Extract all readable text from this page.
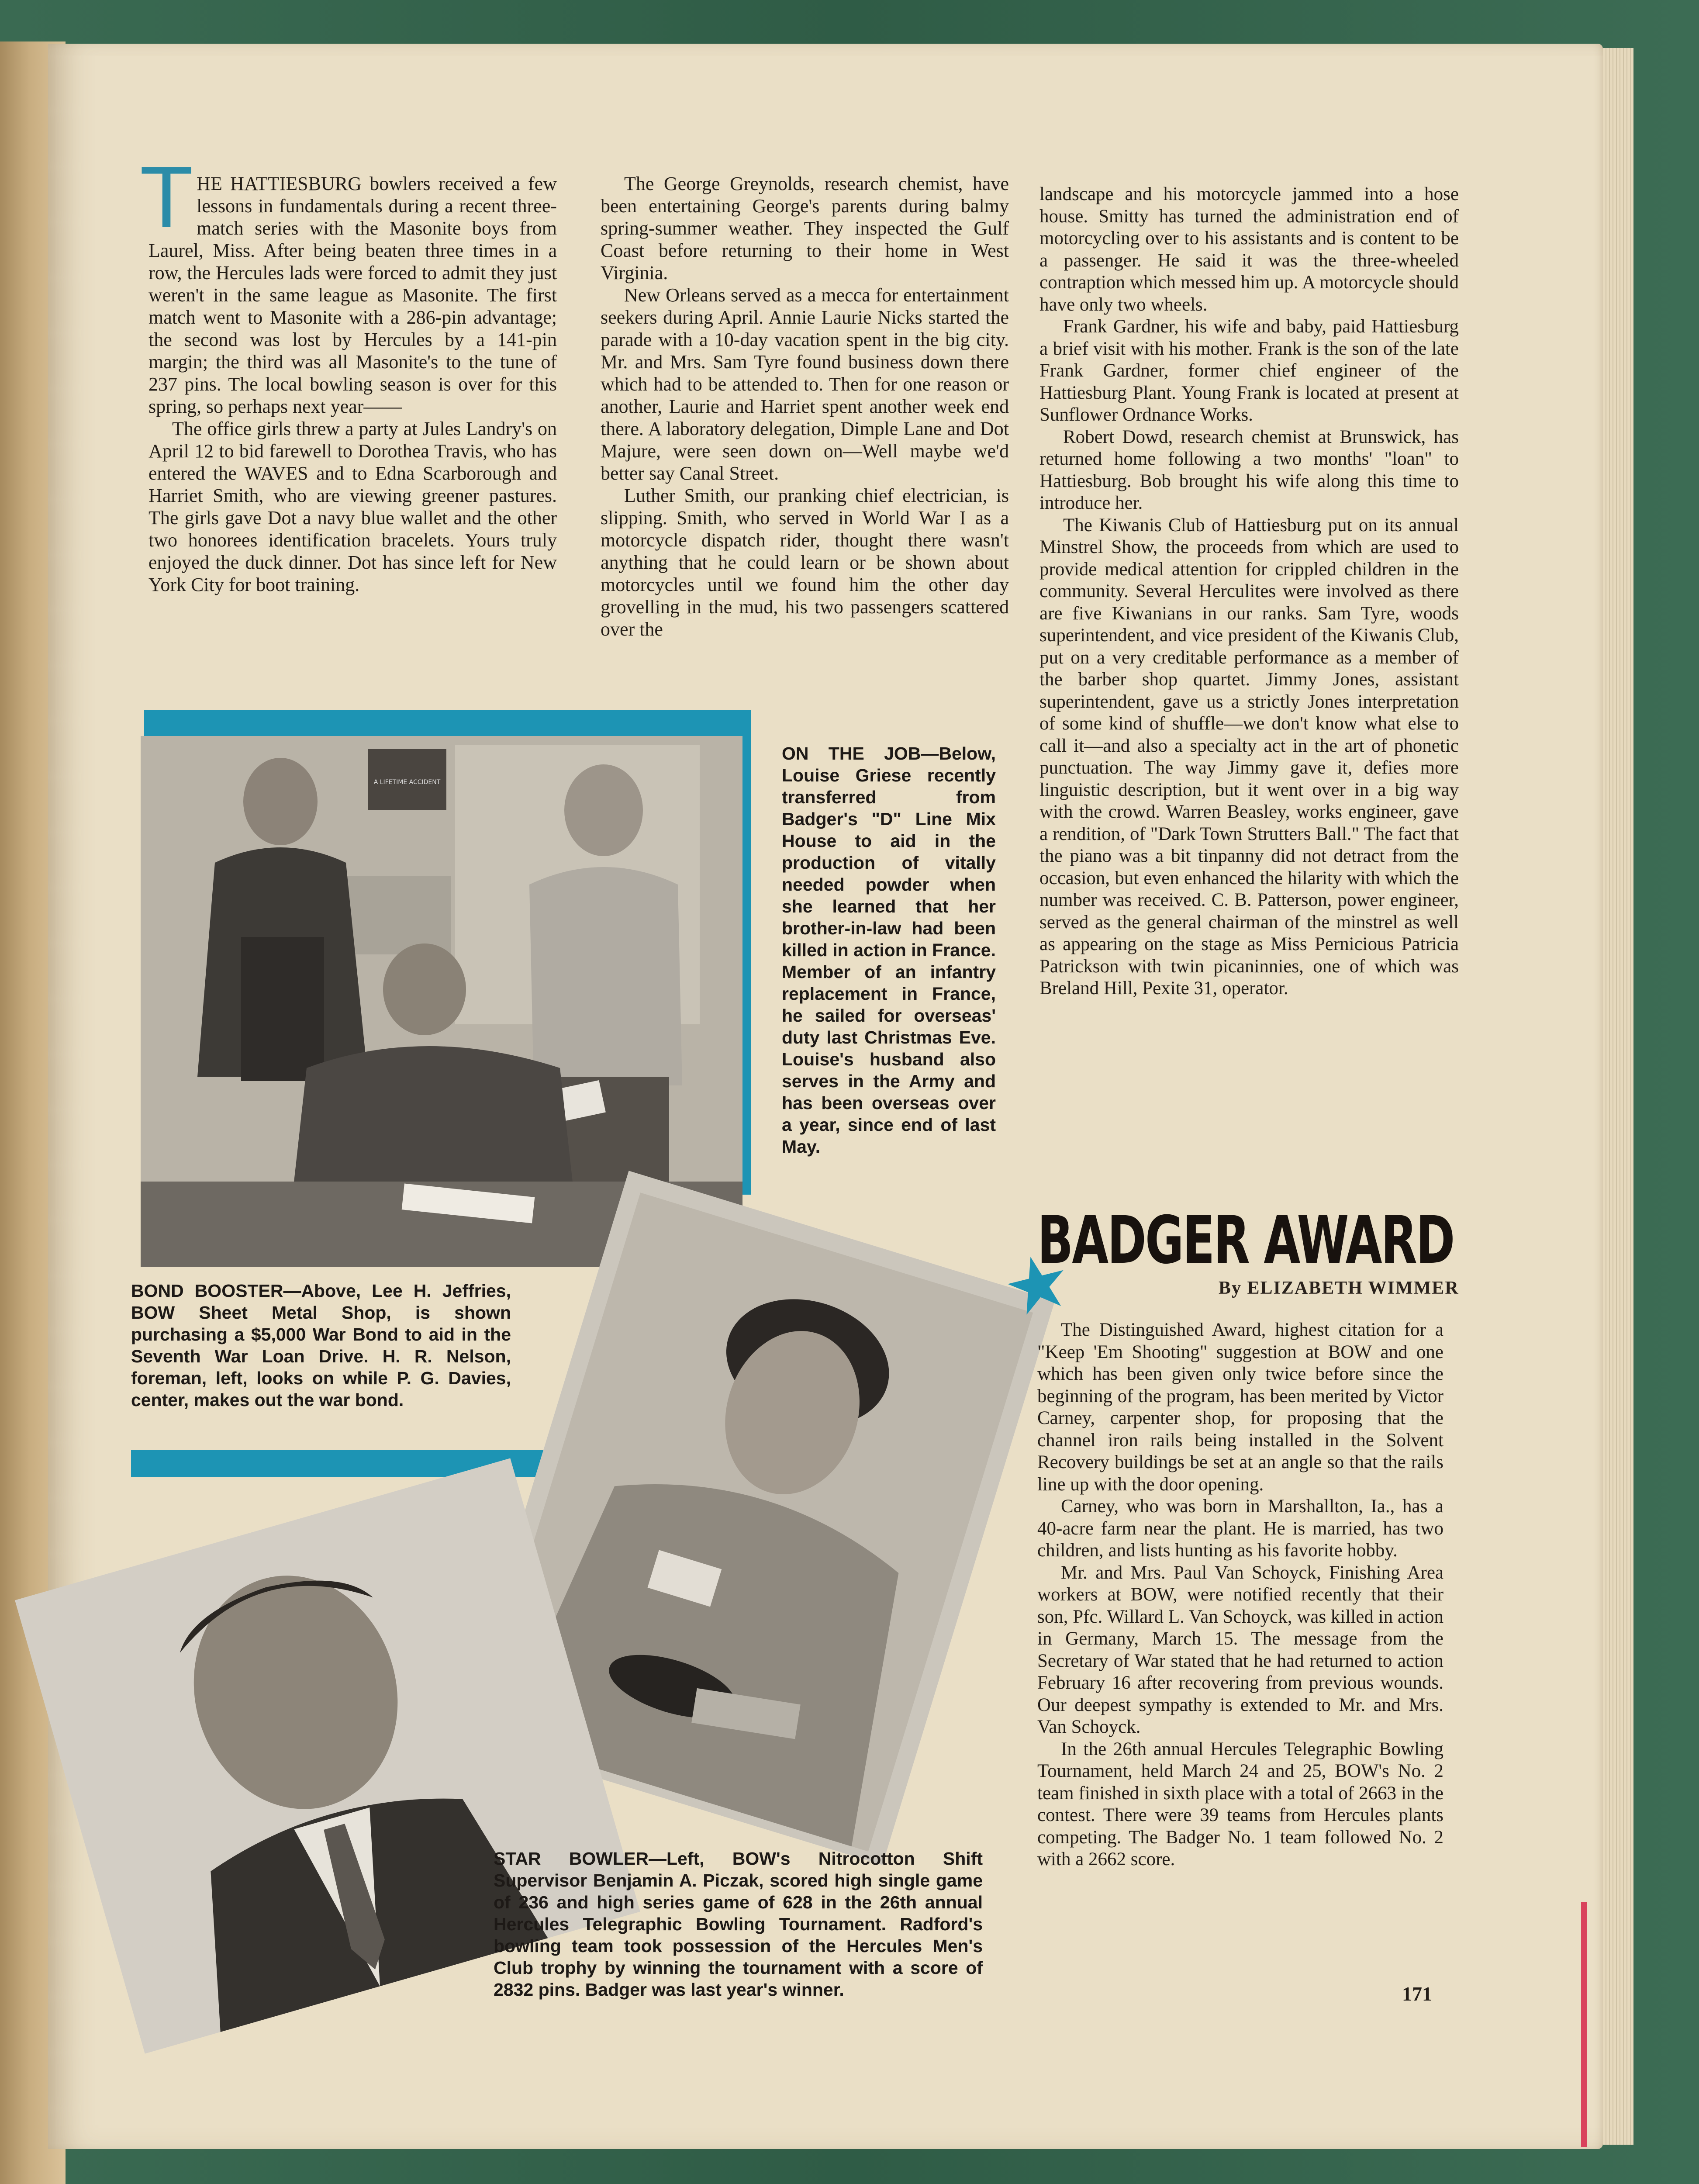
T HE HATTIESBURG bowlers received a few lessons in fundamentals during a recent three-match series with the Masonite boys from Laurel, Miss. After being beaten three times in a row, the Hercules lads were forced to admit they just weren't in the same league as Masonite. The first match went to Masonite with a 286-pin advantage; the second was lost by Hercules by a 141-pin margin; the third was all Masonite's to the tune of 237 pins. The local bowling season is over for this spring, so perhaps next year——

The office girls threw a party at Jules Landry's on April 12 to bid farewell to Dorothea Travis, who has entered the WAVES and to Edna Scarborough and Harriet Smith, who are viewing greener pastures. The girls gave Dot a navy blue wallet and the other two honorees identification bracelets. Yours truly enjoyed the duck dinner. Dot has since left for New York City for boot training.

The George Greynolds, research chemist, have been entertaining George's parents during balmy spring-summer weather. They inspected the Gulf Coast before returning to their home in West Virginia.

New Orleans served as a mecca for entertainment seekers during April. Annie Laurie Nicks started the parade with a 10-day vacation spent in the big city. Mr. and Mrs. Sam Tyre found business down there which had to be attended to. Then for one reason or another, Laurie and Harriet spent another week end there. A laboratory delegation, Dimple Lane and Dot Majure, were seen down on—Well maybe we'd better say Canal Street.

Luther Smith, our pranking chief electrician, is slipping. Smith, who served in World War I as a motorcycle dispatch rider, thought there wasn't anything that he could learn or be shown about motorcycles until we found him the other day grovelling in the mud, his two passengers scattered over the

landscape and his motorcycle jammed into a hose house. Smitty has turned the administration end of motorcycling over to his assistants and is content to be a passenger. He said it was the three-wheeled contraption which messed him up. A motorcycle should have only two wheels.

Frank Gardner, his wife and baby, paid Hattiesburg a brief visit with his mother. Frank is the son of the late Frank Gardner, former chief engineer of the Hattiesburg Plant. Young Frank is located at present at Sunflower Ordnance Works.

Robert Dowd, research chemist at Brunswick, has returned home following a two months' "loan" to Hattiesburg. Bob brought his wife along this time to introduce her.

The Kiwanis Club of Hattiesburg put on its annual Minstrel Show, the proceeds from which are used to provide medical attention for crippled children in the community. Several Herculites were involved as there are five Kiwanians in our ranks. Sam Tyre, woods superintendent, and vice president of the Kiwanis Club, put on a very creditable performance as a member of the barber shop quartet. Jimmy Jones, assistant superintendent, gave us a strictly Jones interpretation of some kind of shuffle—we don't know what else to call it—and also a specialty act in the art of phonetic punctuation. The way Jimmy gave it, defies more linguistic description, but it went over in a big way with the crowd. Warren Beasley, works engineer, gave a rendition, of "Dark Town Strutters Ball." The fact that the piano was a bit tinpanny did not detract from the occasion, but even enhanced the hilarity with which the number was received. C. B. Patterson, power engineer, served as the general chairman of the minstrel as well as appearing on the stage as Miss Pernicious Patricia Patrickson with twin picaninnies, one of which was Breland Hill, Pexite 31, operator.

A LIFETIME ACCIDENT
ON THE JOB—Below, Louise Griese recently transferred from Badger's "D" Line Mix House to aid in the production of vitally needed powder when she learned that her brother-in-law had been killed in action in France. Member of an infantry replacement in France, he sailed for overseas' duty last Christmas Eve. Louise's husband also serves in the Army and has been overseas over a year, since end of last May.
BOND BOOSTER—Above, Lee H. Jeffries, BOW Sheet Metal Shop, is shown purchasing a $5,000 War Bond to aid in the Seventh War Loan Drive. H. R. Nelson, foreman, left, looks on while P. G. Davies, center, makes out the war bond.
STAR BOWLER—Left, BOW's Nitrocotton Shift Supervisor Benjamin A. Piczak, scored high single game of 236 and high series game of 628 in the 26th annual Hercules Telegraphic Bowling Tournament. Radford's bowling team took possession of the Hercules Men's Club trophy by winning the tournament with a score of 2832 pins. Badger was last year's winner.
BADGER AWARD
By ELIZABETH WIMMER

The Distinguished Award, highest citation for a "Keep 'Em Shooting" suggestion at BOW and one which has been given only twice before since the beginning of the program, has been merited by Victor Carney, carpenter shop, for proposing that the channel iron rails being installed in the Solvent Recovery buildings be set at an angle so that the rails line up with the door opening.

Carney, who was born in Marshallton, Ia., has a 40-acre farm near the plant. He is married, has two children, and lists hunting as his favorite hobby.

Mr. and Mrs. Paul Van Schoyck, Finishing Area workers at BOW, were notified recently that their son, Pfc. Willard L. Van Schoyck, was killed in action in Germany, March 15. The message from the Secretary of War stated that he had returned to action February 16 after recovering from previous wounds. Our deepest sympathy is extended to Mr. and Mrs. Van Schoyck.

In the 26th annual Hercules Telegraphic Bowling Tournament, held March 24 and 25, BOW's No. 2 team finished in sixth place with a total of 2663 in the contest. There were 39 teams from Hercules plants competing. The Badger No. 1 team followed No. 2 with a 2662 score.

171
